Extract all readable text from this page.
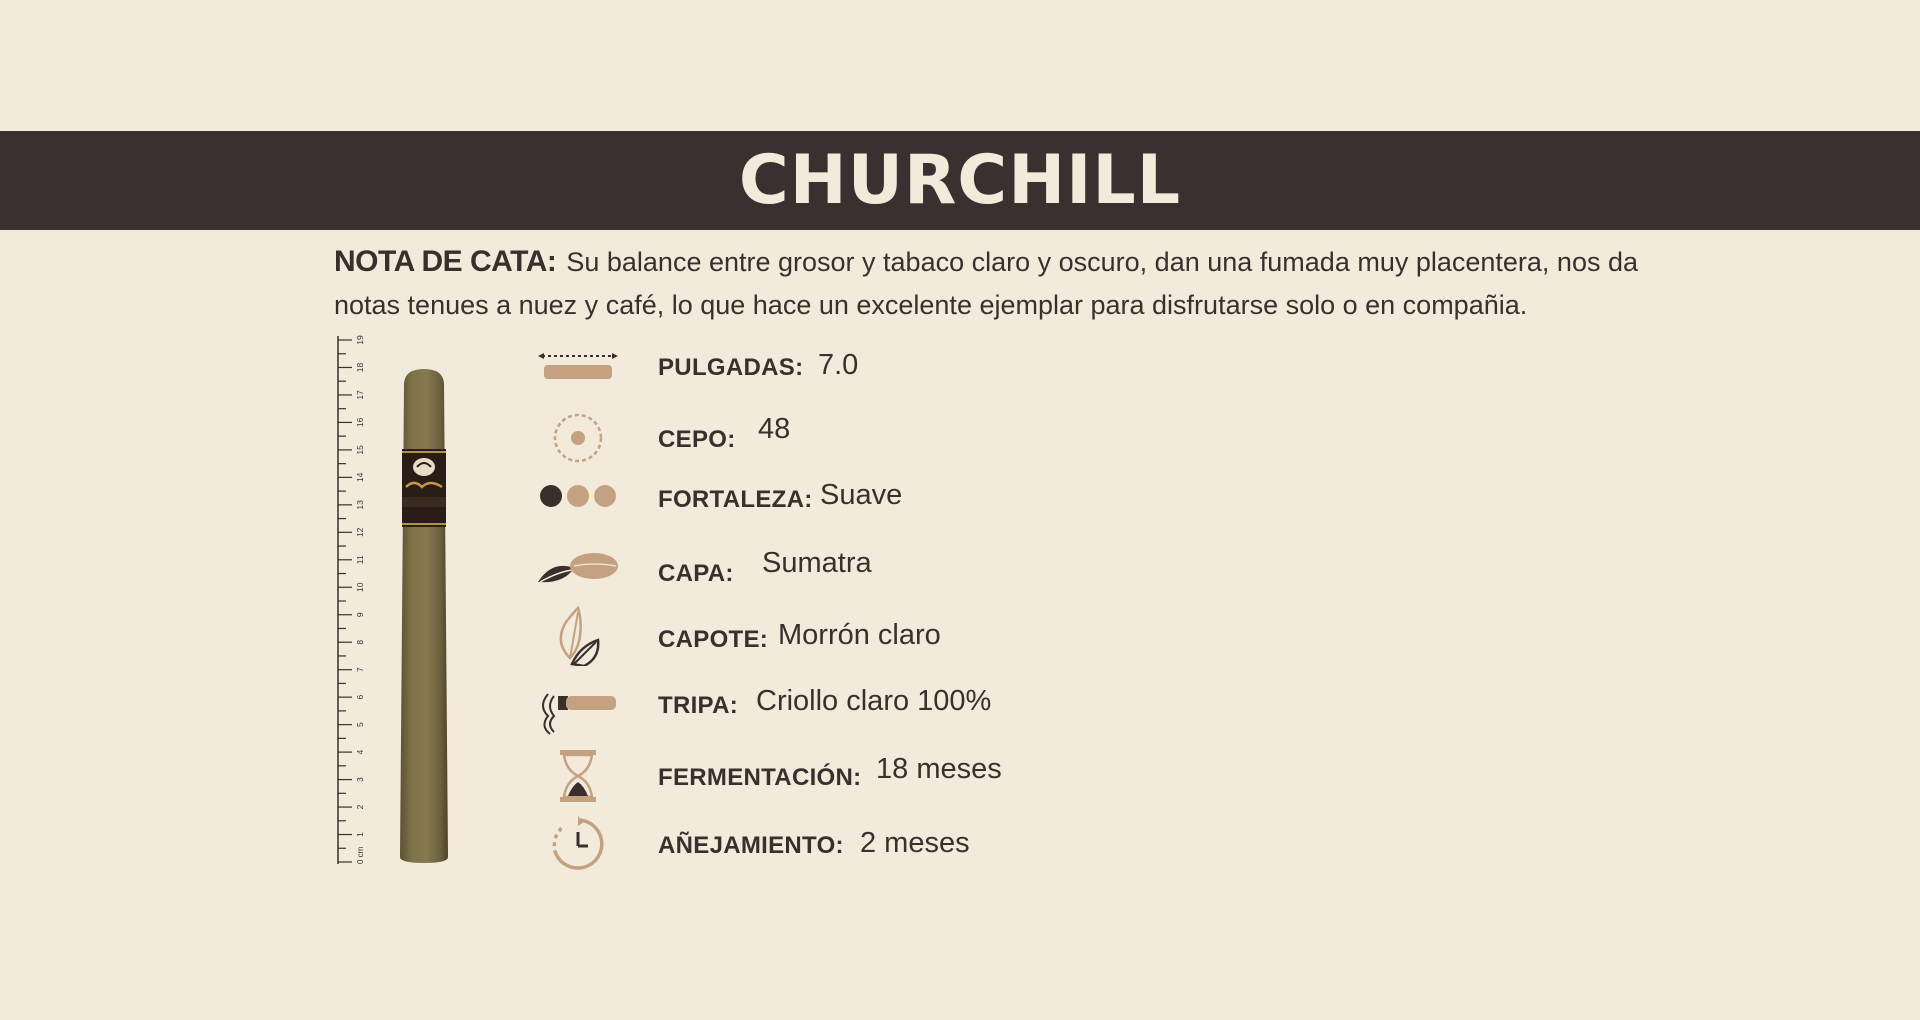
CHURCHILL
NOTA DE CATA: Su balance entre grosor y tabaco claro y oscuro, dan una fumada muy placentera, nos da notas tenues a nuez y café, lo que hace un excelente ejemplar para disfrutarse solo o en compañia.
0 cm
1
2
3
4
5
6
7
8
9
10
11
12
13
14
15
16
17
18
19
PULGADAS: 7.0
CEPO: 48
FORTALEZA: Suave
CAPA: Sumatra
CAPOTE: Morrón claro
TRIPA: Criollo claro 100%
FERMENTACIÓN: 18 meses
AÑEJAMIENTO: 2 meses
